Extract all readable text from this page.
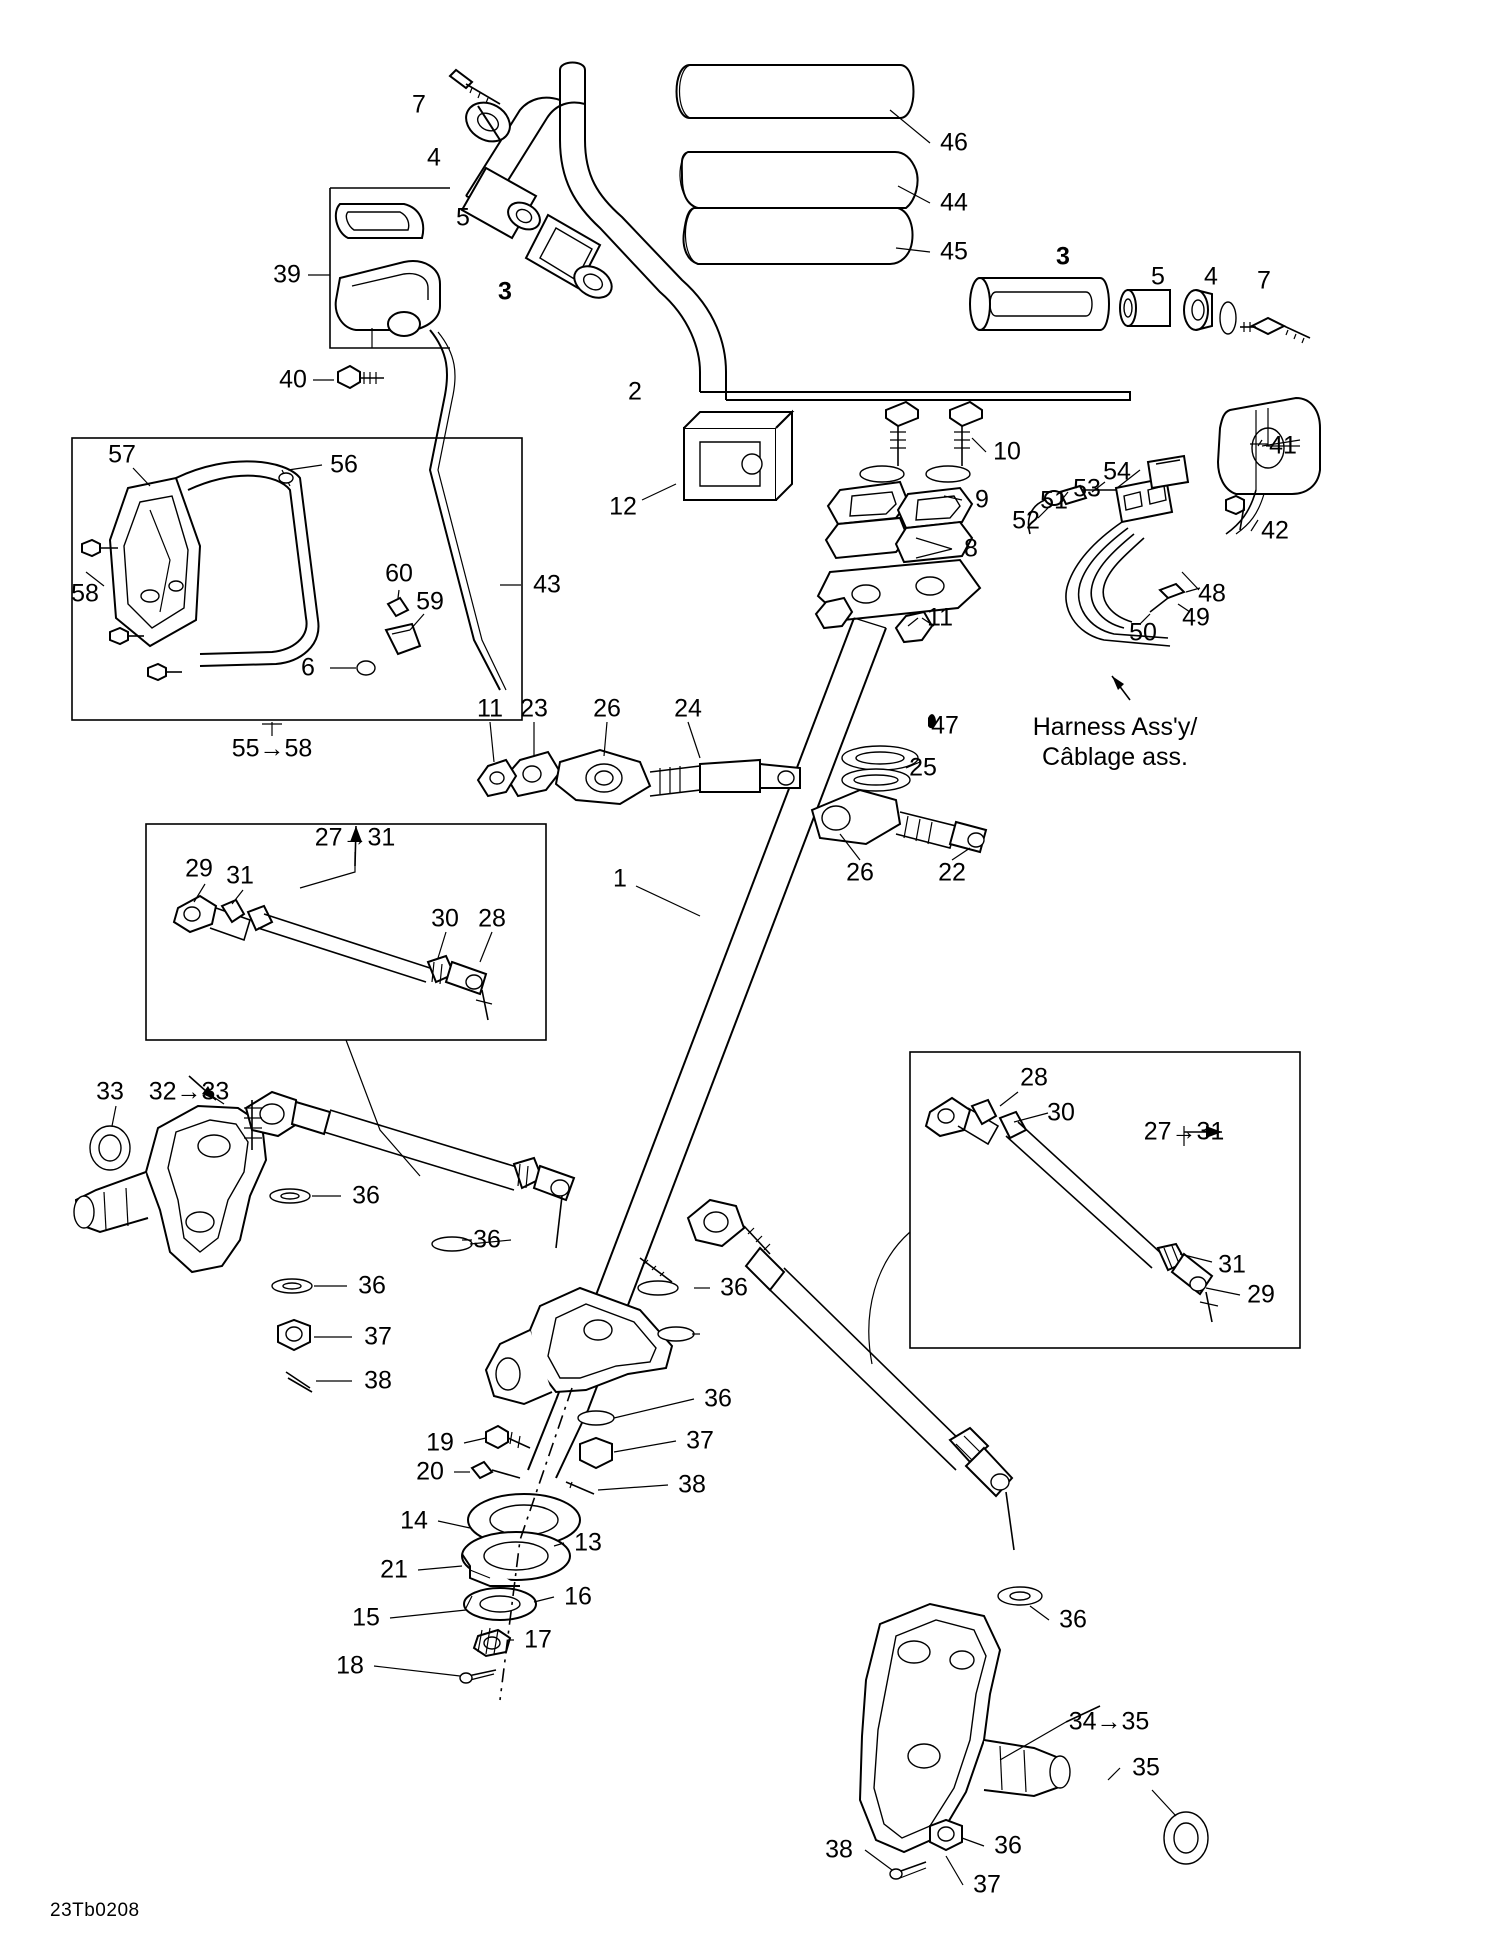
7
4
5
3
46
44
45	3
5 4 7
39
40	2
12
10
9
8
11
41
42
54
53
51
52
48
49
50
57	56
58
60
59
6
43
11 23 26 24
47
25
26	22
1
29 31
30 28
33
36
36
37
38
36
36
36
37
38
19
20
14
13
21
16
15
17
18
28
30
31
29
36
35
38	36
37
55→58
27→31
32→33
27→31
34→35
Harness Ass'y/
Câblage ass.
23Tb0208
